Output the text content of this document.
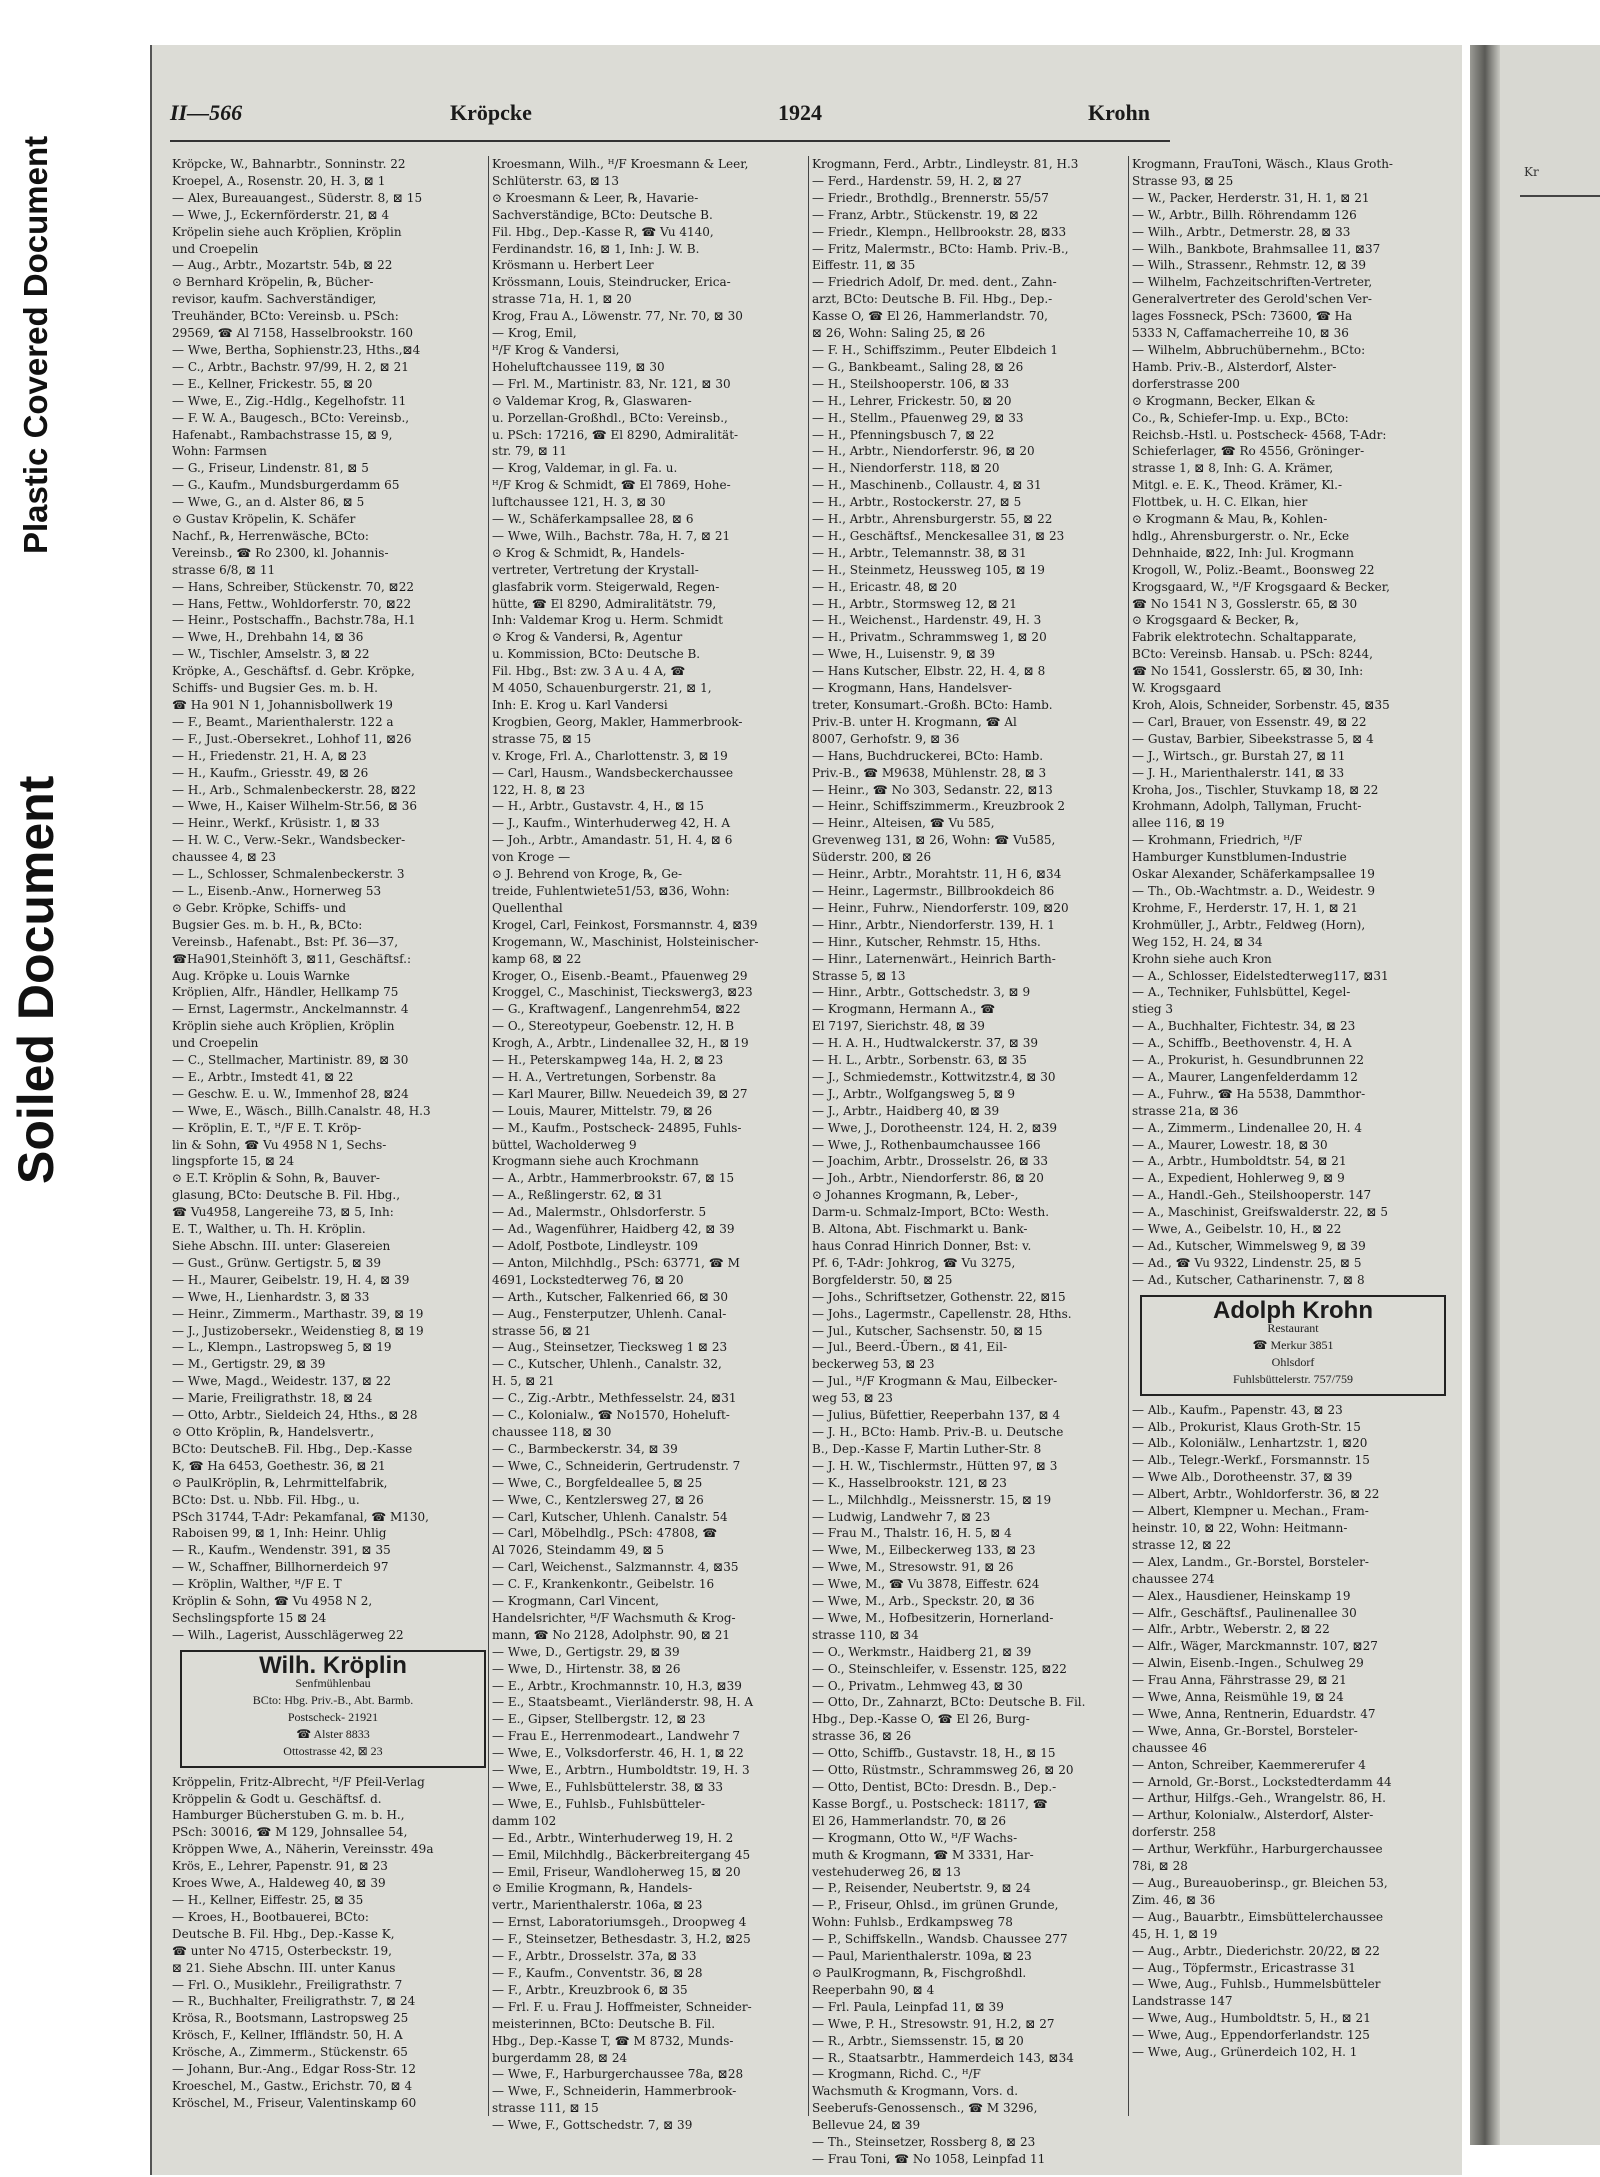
Plastic Covered Document
Soiled Document
Kr
II—566	Kröpcke	1924	Krohn
Kröpcke, W., Bahnarbtr., Sonninstr. 22
Kroepel, A., Rosenstr. 20, H. 3, ⊠ 1
— Alex, Bureauangest., Süderstr. 8, ⊠ 15
— Wwe, J., Eckernförderstr. 21, ⊠ 4
Kröpelin siehe auch Kröplien, Kröplin
und Croepelin
— Aug., Arbtr., Mozartstr. 54b, ⊠ 22
⊙ Bernhard Kröpelin, ℞, Bücher-
revisor, kaufm. Sachverständiger,
Treuhänder, BCto: Vereinsb. u. PSch:
29569, ☎ Al 7158, Hasselbrookstr. 160
— Wwe, Bertha, Sophienstr.23, Hths.,⊠4
— C., Arbtr., Bachstr. 97/99, H. 2, ⊠ 21
— E., Kellner, Frickestr. 55, ⊠ 20
— Wwe, E., Zig.-Hdlg., Kegelhofstr. 11
— F. W. A., Baugesch., BCto: Vereinsb.,
Hafenabt., Rambachstrasse 15, ⊠ 9,
Wohn: Farmsen
— G., Friseur, Lindenstr. 81, ⊠ 5
— G., Kaufm., Mundsburgerdamm 65
— Wwe, G., an d. Alster 86, ⊠ 5
⊙ Gustav Kröpelin, K. Schäfer
Nachf., ℞, Herrenwäsche, BCto:
Vereinsb., ☎ Ro 2300, kl. Johannis-
strasse 6/8, ⊠ 11
— Hans, Schreiber, Stückenstr. 70, ⊠22
— Hans, Fettw., Wohldorferstr. 70, ⊠22
— Heinr., Postschaffn., Bachstr.78a, H.1
— Wwe, H., Drehbahn 14, ⊠ 36
— W., Tischler, Amselstr. 3, ⊠ 22
Kröpke, A., Geschäftsf. d. Gebr. Kröpke,
Schiffs- und Bugsier Ges. m. b. H.
☎ Ha 901 N 1, Johannisbollwerk 19
— F., Beamt., Marienthalerstr. 122 a
— F., Just.-Obersekret., Lohhof 11, ⊠26
— H., Friedenstr. 21, H. A, ⊠ 23
— H., Kaufm., Griesstr. 49, ⊠ 26
— H., Arb., Schmalenbeckerstr. 28, ⊠22
— Wwe, H., Kaiser Wilhelm-Str.56, ⊠ 36
— Heinr., Werkf., Krüsistr. 1, ⊠ 33
— H. W. C., Verw.-Sekr., Wandsbecker-
chaussee 4, ⊠ 23
— L., Schlosser, Schmalenbeckerstr. 3
— L., Eisenb.-Anw., Hornerweg 53
⊙ Gebr. Kröpke, Schiffs- und
Bugsier Ges. m. b. H., ℞, BCto:
Vereinsb., Hafenabt., Bst: Pf. 36—37,
☎Ha901,Steinhöft 3, ⊠11, Geschäftsf.:
Aug. Kröpke u. Louis Warnke
Kröplien, Alfr., Händler, Hellkamp 75
— Ernst, Lagermstr., Anckelmannstr. 4
Kröplin siehe auch Kröplien, Kröplin
und Croepelin
— C., Stellmacher, Martinistr. 89, ⊠ 30
— E., Arbtr., Imstedt 41, ⊠ 22
— Geschw. E. u. W., Immenhof 28, ⊠24
— Wwe, E., Wäsch., Billh.Canalstr. 48, H.3
— Kröplin, E. T., ᴴ/F E. T. Kröp-
lin & Sohn, ☎ Vu 4958 N 1, Sechs-
lingspforte 15, ⊠ 24
⊙ E.T. Kröplin & Sohn, ℞, Bauver-
glasung, BCto: Deutsche B. Fil. Hbg.,
☎ Vu4958, Langereihe 73, ⊠ 5, Inh:
E. T., Walther, u. Th. H. Kröplin.
Siehe Abschn. III. unter: Glasereien
— Gust., Grünw. Gertigstr. 5, ⊠ 39
— H., Maurer, Geibelstr. 19, H. 4, ⊠ 39
— Wwe, H., Lienhardstr. 3, ⊠ 33
— Heinr., Zimmerm., Marthastr. 39, ⊠ 19
— J., Justizobersekr., Weidenstieg 8, ⊠ 19
— L., Klempn., Lastropsweg 5, ⊠ 19
— M., Gertigstr. 29, ⊠ 39
— Wwe, Magd., Weidestr. 137, ⊠ 22
— Marie, Freiligrathstr. 18, ⊠ 24
— Otto, Arbtr., Sieldeich 24, Hths., ⊠ 28
⊙ Otto Kröplin, ℞, Handelsvertr.,
BCto: DeutscheB. Fil. Hbg., Dep.-Kasse
K, ☎ Ha 6453, Goethestr. 36, ⊠ 21
⊙ PaulKröplin, ℞, Lehrmittelfabrik,
BCto: Dst. u. Nbb. Fil. Hbg., u.
PSch 31744, T-Adr: Pekamfanal, ☎ M130,
Raboisen 99, ⊠ 1, Inh: Heinr. Uhlig
— R., Kaufm., Wendenstr. 391, ⊠ 35
— W., Schaffner, Billhornerdeich 97
— Kröplin, Walther, ᴴ/F E. T
Kröplin & Sohn, ☎ Vu 4958 N 2,
Sechslingspforte 15 ⊠ 24
— Wilh., Lagerist, Ausschlägerweg 22
Wilh. Kröplin
Senfmühlenbau
BCto: Hbg. Priv.-B., Abt. Barmb.
Postscheck- 21921
☎ Alster 8833
Ottostrasse 42, ⊠ 23
Kröppelin, Fritz-Albrecht, ᴴ/F Pfeil-Verlag
Kröppelin & Godt u. Geschäftsf. d.
Hamburger Bücherstuben G. m. b. H.,
PSch: 30016, ☎ M 129, Johnsallee 54,
Kröppen Wwe, A., Näherin, Vereinsstr. 49a
Krös, E., Lehrer, Papenstr. 91, ⊠ 23
Kroes Wwe, A., Haldeweg 40, ⊠ 39
— H., Kellner, Eiffestr. 25, ⊠ 35
— Kroes, H., Bootbauerei, BCto:
Deutsche B. Fil. Hbg., Dep.-Kasse K,
☎ unter No 4715, Osterbeckstr. 19,
⊠ 21. Siehe Abschn. III. unter Kanus
— Frl. O., Musiklehr., Freiligrathstr. 7
— R., Buchhalter, Freiligrathstr. 7, ⊠ 24
Krösa, R., Bootsmann, Lastropsweg 25
Krösch, F., Kellner, Iffländstr. 50, H. A
Krösche, A., Zimmerm., Stückenstr. 65
— Johann, Bur.-Ang., Edgar Ross-Str. 12
Kroeschel, M., Gastw., Erichstr. 70, ⊠ 4
Kröschel, M., Friseur, Valentinskamp 60
Kroesmann, Wilh., ᴴ/F Kroesmann & Leer,
Schlüterstr. 63, ⊠ 13
⊙ Kroesmann & Leer, ℞, Havarie-
Sachverständige, BCto: Deutsche B.
Fil. Hbg., Dep.-Kasse R, ☎ Vu 4140,
Ferdinandstr. 16, ⊠ 1, Inh: J. W. B.
Krösmann u. Herbert Leer
Krössmann, Louis, Steindrucker, Erica-
strasse 71a, H. 1, ⊠ 20
Krog, Frau A., Löwenstr. 77, Nr. 70, ⊠ 30
— Krog, Emil,
ᴴ/F Krog & Vandersi,
Hoheluftchaussee 119, ⊠ 30
— Frl. M., Martinistr. 83, Nr. 121, ⊠ 30
⊙ Valdemar Krog, ℞, Glaswaren-
u. Porzellan-Großhdl., BCto: Vereinsb.,
u. PSch: 17216, ☎ El 8290, Admiralität-
str. 79, ⊠ 11
— Krog, Valdemar, in gl. Fa. u.
ᴴ/F Krog & Schmidt, ☎ El 7869, Hohe-
luftchaussee 121, H. 3, ⊠ 30
— W., Schäferkampsallee 28, ⊠ 6
— Wwe, Wilh., Bachstr. 78a, H. 7, ⊠ 21
⊙ Krog & Schmidt, ℞, Handels-
vertreter, Vertretung der Krystall-
glasfabrik vorm. Steigerwald, Regen-
hütte, ☎ El 8290, Admiralitätstr. 79,
Inh: Valdemar Krog u. Herm. Schmidt
⊙ Krog & Vandersi, ℞, Agentur
u. Kommission, BCto: Deutsche B.
Fil. Hbg., Bst: zw. 3 A u. 4 A, ☎
M 4050, Schauenburgerstr. 21, ⊠ 1,
Inh: E. Krog u. Karl Vandersi
Krogbien, Georg, Makler, Hammerbrook-
strasse 75, ⊠ 15
v. Kroge, Frl. A., Charlottenstr. 3, ⊠ 19
— Carl, Hausm., Wandsbeckerchaussee
122, H. 8, ⊠ 23
— H., Arbtr., Gustavstr. 4, H., ⊠ 15
— J., Kaufm., Winterhuderweg 42, H. A
— Joh., Arbtr., Amandastr. 51, H. 4, ⊠ 6
von Kroge —
⊙ J. Behrend von Kroge, ℞, Ge-
treide, Fuhlentwiete51/53, ⊠36, Wohn:
Quellenthal
Krogel, Carl, Feinkost, Forsmannstr. 4, ⊠39
Krogemann, W., Maschinist, Holsteinischer-
kamp 68, ⊠ 22
Kroger, O., Eisenb.-Beamt., Pfauenweg 29
Kroggel, C., Maschinist, Tieckswerg3, ⊠23
— G., Kraftwagenf., Langenrehm54, ⊠22
— O., Stereotypeur, Goebenstr. 12, H. B
Krogh, A., Arbtr., Lindenallee 32, H., ⊠ 19
— H., Peterskampweg 14a, H. 2, ⊠ 23
— H. A., Vertretungen, Sorbenstr. 8a
— Karl Maurer, Billw. Neuedeich 39, ⊠ 27
— Louis, Maurer, Mittelstr. 79, ⊠ 26
— M., Kaufm., Postscheck- 24895, Fuhls-
büttel, Wacholderweg 9
Krogmann siehe auch Krochmann
— A., Arbtr., Hammerbrookstr. 67, ⊠ 15
— A., Reßlingerstr. 62, ⊠ 31
— Ad., Malermstr., Ohlsdorferstr. 5
— Ad., Wagenführer, Haidberg 42, ⊠ 39
— Adolf, Postbote, Lindleystr. 109
— Anton, Milchhdlg., PSch: 63771, ☎ M
4691, Lockstedterweg 76, ⊠ 20
— Arth., Kutscher, Falkenried 66, ⊠ 30
— Aug., Fensterputzer, Uhlenh. Canal-
strasse 56, ⊠ 21
— Aug., Steinsetzer, Tiecksweg 1 ⊠ 23
— C., Kutscher, Uhlenh., Canalstr. 32,
H. 5, ⊠ 21
— C., Zig.-Arbtr., Methfesselstr. 24, ⊠31
— C., Kolonialw., ☎ No1570, Hoheluft-
chaussee 118, ⊠ 30
— C., Barmbeckerstr. 34, ⊠ 39
— Wwe, C., Schneiderin, Gertrudenstr. 7
— Wwe, C., Borgfeldeallee 5, ⊠ 25
— Wwe, C., Kentzlersweg 27, ⊠ 26
— Carl, Kutscher, Uhlenh. Canalstr. 54
— Carl, Möbelhdlg., PSch: 47808, ☎
Al 7026, Steindamm 49, ⊠ 5
— Carl, Weichenst., Salzmannstr. 4, ⊠35
— C. F., Krankenkontr., Geibelstr. 16
— Krogmann, Carl Vincent,
Handelsrichter, ᴴ/F Wachsmuth & Krog-
mann, ☎ No 2128, Adolphstr. 90, ⊠ 21
— Wwe, D., Gertigstr. 29, ⊠ 39
— Wwe, D., Hirtenstr. 38, ⊠ 26
— E., Arbtr., Krochmannstr. 10, H.3, ⊠39
— E., Staatsbeamt., Vierländerstr. 98, H. A
— E., Gipser, Stellbergstr. 12, ⊠ 23
— Frau E., Herrenmodeart., Landwehr 7
— Wwe, E., Volksdorferstr. 46, H. 1, ⊠ 22
— Wwe, E., Arbtrn., Humboldtstr. 19, H. 3
— Wwe, E., Fuhlsbüttelerstr. 38, ⊠ 33
— Wwe, E., Fuhlsb., Fuhlsbütteler-
damm 102
— Ed., Arbtr., Winterhuderweg 19, H. 2
— Emil, Milchhdlg., Bäckerbreitergang 45
— Emil, Friseur, Wandloherweg 15, ⊠ 20
⊙ Emilie Krogmann, ℞, Handels-
vertr., Marienthalerstr. 106a, ⊠ 23
— Ernst, Laboratoriumsgeh., Droopweg 4
— F., Steinsetzer, Bethesdastr. 3, H.2, ⊠25
— F., Arbtr., Drosselstr. 37a, ⊠ 33
— F., Kaufm., Conventstr. 36, ⊠ 28
— F., Arbtr., Kreuzbrook 6, ⊠ 35
— Frl. F. u. Frau J. Hoffmeister, Schneider-
meisterinnen, BCto: Deutsche B. Fil.
Hbg., Dep.-Kasse T, ☎ M 8732, Munds-
burgerdamm 28, ⊠ 24
— Wwe, F., Harburgerchaussee 78a, ⊠28
— Wwe, F., Schneiderin, Hammerbrook-
strasse 111, ⊠ 15
— Wwe, F., Gottschedstr. 7, ⊠ 39
Krogmann, Ferd., Arbtr., Lindleystr. 81, H.3
— Ferd., Hardenstr. 59, H. 2, ⊠ 27
— Friedr., Brothdlg., Brennerstr. 55/57
— Franz, Arbtr., Stückenstr. 19, ⊠ 22
— Friedr., Klempn., Hellbrookstr. 28, ⊠33
— Fritz, Malermstr., BCto: Hamb. Priv.-B.,
Eiffestr. 11, ⊠ 35
— Friedrich Adolf, Dr. med. dent., Zahn-
arzt, BCto: Deutsche B. Fil. Hbg., Dep.-
Kasse O, ☎ El 26, Hammerlandstr. 70,
⊠ 26, Wohn: Saling 25, ⊠ 26
— F. H., Schiffszimm., Peuter Elbdeich 1
— G., Bankbeamt., Saling 28, ⊠ 26
— H., Steilshooperstr. 106, ⊠ 33
— H., Lehrer, Frickestr. 50, ⊠ 20
— H., Stellm., Pfauenweg 29, ⊠ 33
— H., Pfenningsbusch 7, ⊠ 22
— H., Arbtr., Niendorferstr. 96, ⊠ 20
— H., Niendorferstr. 118, ⊠ 20
— H., Maschinenb., Collaustr. 4, ⊠ 31
— H., Arbtr., Rostockerstr. 27, ⊠ 5
— H., Arbtr., Ahrensburgerstr. 55, ⊠ 22
— H., Geschäftsf., Menckesallee 31, ⊠ 23
— H., Arbtr., Telemannstr. 38, ⊠ 31
— H., Steinmetz, Heussweg 105, ⊠ 19
— H., Ericastr. 48, ⊠ 20
— H., Arbtr., Stormsweg 12, ⊠ 21
— H., Weichenst., Hardenstr. 49, H. 3
— H., Privatm., Schrammsweg 1, ⊠ 20
— Wwe, H., Luisenstr. 9, ⊠ 39
— Hans Kutscher, Elbstr. 22, H. 4, ⊠ 8
— Krogmann, Hans, Handelsver-
treter, Konsumart.-Großh. BCto: Hamb.
Priv.-B. unter H. Krogmann, ☎ Al
8007, Gerhofstr. 9, ⊠ 36
— Hans, Buchdruckerei, BCto: Hamb.
Priv.-B., ☎ M9638, Mühlenstr. 28, ⊠ 3
— Heinr., ☎ No 303, Sedanstr. 22, ⊠13
— Heinr., Schiffszimmerm., Kreuzbrook 2
— Heinr., Alteisen, ☎ Vu 585,
Grevenweg 131, ⊠ 26, Wohn: ☎ Vu585,
Süderstr. 200, ⊠ 26
— Heinr., Arbtr., Morahtstr. 11, H 6, ⊠34
— Heinr., Lagermstr., Billbrookdeich 86
— Heinr., Fuhrw., Niendorferstr. 109, ⊠20
— Hinr., Arbtr., Niendorferstr. 139, H. 1
— Hinr., Kutscher, Rehmstr. 15, Hths.
— Hinr., Laternenwärt., Heinrich Barth-
Strasse 5, ⊠ 13
— Hinr., Arbtr., Gottschedstr. 3, ⊠ 9
— Krogmann, Hermann A., ☎
El 7197, Sierichstr. 48, ⊠ 39
— H. A. H., Hudtwalckerstr. 37, ⊠ 39
— H. L., Arbtr., Sorbenstr. 63, ⊠ 35
— J., Schmiedemstr., Kottwitzstr.4, ⊠ 30
— J., Arbtr., Wolfgangsweg 5, ⊠ 9
— J., Arbtr., Haidberg 40, ⊠ 39
— Wwe, J., Dorotheenstr. 124, H. 2, ⊠39
— Wwe, J., Rothenbaumchaussee 166
— Joachim, Arbtr., Drosselstr. 26, ⊠ 33
— Joh., Arbtr., Niendorferstr. 86, ⊠ 20
⊙ Johannes Krogmann, ℞, Leber-,
Darm-u. Schmalz-Import, BCto: Westh.
B. Altona, Abt. Fischmarkt u. Bank-
haus Conrad Hinrich Donner, Bst: v.
Pf. 6, T-Adr: Johkrog, ☎ Vu 3275,
Borgfelderstr. 50, ⊠ 25
— Johs., Schriftsetzer, Gothenstr. 22, ⊠15
— Johs., Lagermstr., Capellenstr. 28, Hths.
— Jul., Kutscher, Sachsenstr. 50, ⊠ 15
— Jul., Beerd.-Übern., ⊠ 41, Eil-
beckerweg 53, ⊠ 23
— Jul., ᴴ/F Krogmann & Mau, Eilbecker-
weg 53, ⊠ 23
— Julius, Büfettier, Reeperbahn 137, ⊠ 4
— J. H., BCto: Hamb. Priv.-B. u. Deutsche
B., Dep.-Kasse F, Martin Luther-Str. 8
— J. H. W., Tischlermstr., Hütten 97, ⊠ 3
— K., Hasselbrookstr. 121, ⊠ 23
— L., Milchhdlg., Meissnerstr. 15, ⊠ 19
— Ludwig, Landwehr 7, ⊠ 23
— Frau M., Thalstr. 16, H. 5, ⊠ 4
— Wwe, M., Eilbeckerweg 133, ⊠ 23
— Wwe, M., Stresowstr. 91, ⊠ 26
— Wwe, M., ☎ Vu 3878, Eiffestr. 624
— Wwe, M., Arb., Speckstr. 20, ⊠ 36
— Wwe, M., Hofbesitzerin, Hornerland-
strasse 110, ⊠ 34
— O., Werkmstr., Haidberg 21, ⊠ 39
— O., Steinschleifer, v. Essenstr. 125, ⊠22
— O., Privatm., Lehmweg 43, ⊠ 30
— Otto, Dr., Zahnarzt, BCto: Deutsche B. Fil.
Hbg., Dep.-Kasse O, ☎ El 26, Burg-
strasse 36, ⊠ 26
— Otto, Schiffb., Gustavstr. 18, H., ⊠ 15
— Otto, Rüstmstr., Schrammsweg 26, ⊠ 20
— Otto, Dentist, BCto: Dresdn. B., Dep.-
Kasse Borgf., u. Postscheck: 18117, ☎
El 26, Hammerlandstr. 70, ⊠ 26
— Krogmann, Otto W., ᴴ/F Wachs-
muth & Krogmann, ☎ M 3331, Har-
vestehuderweg 26, ⊠ 13
— P., Reisender, Neubertstr. 9, ⊠ 24
— P., Friseur, Ohlsd., im grünen Grunde,
Wohn: Fuhlsb., Erdkampsweg 78
— P., Schiffskelln., Wandsb. Chaussee 277
— Paul, Marienthalerstr. 109a, ⊠ 23
⊙ PaulKrogmann, ℞, Fischgroßhdl.
Reeperbahn 90, ⊠ 4
— Frl. Paula, Leinpfad 11, ⊠ 39
— Wwe, P. H., Stresowstr. 91, H.2, ⊠ 27
— R., Arbtr., Siemssenstr. 15, ⊠ 20
— R., Staatsarbtr., Hammerdeich 143, ⊠34
— Krogmann, Richd. C., ᴴ/F
Wachsmuth & Krogmann, Vors. d.
Seeberufs-Genossensch., ☎ M 3296,
Bellevue 24, ⊠ 39
— Th., Steinsetzer, Rossberg 8, ⊠ 23
— Frau Toni, ☎ No 1058, Leinpfad 11
Krogmann, FrauToni, Wäsch., Klaus Groth-
Strasse 93, ⊠ 25
— W., Packer, Herderstr. 31, H. 1, ⊠ 21
— W., Arbtr., Billh. Röhrendamm 126
— Wilh., Arbtr., Detmerstr. 28, ⊠ 33
— Wilh., Bankbote, Brahmsallee 11, ⊠37
— Wilh., Strassenr., Rehmstr. 12, ⊠ 39
— Wilhelm, Fachzeitschriften-Vertreter,
Generalvertreter des Gerold'schen Ver-
lages Fossneck, PSch: 73600, ☎ Ha
5333 N, Caffamacherreihe 10, ⊠ 36
— Wilhelm, Abbruchübernehm., BCto:
Hamb. Priv.-B., Alsterdorf, Alster-
dorferstrasse 200
⊙ Krogmann, Becker, Elkan &
Co., ℞, Schiefer-Imp. u. Exp., BCto:
Reichsb.-Hstl. u. Postscheck- 4568, T-Adr:
Schieferlager, ☎ Ro 4556, Gröninger-
strasse 1, ⊠ 8, Inh: G. A. Krämer,
Mitgl. e. E. K., Theod. Krämer, Kl.-
Flottbek, u. H. C. Elkan, hier
⊙ Krogmann & Mau, ℞, Kohlen-
hdlg., Ahrensburgerstr. o. Nr., Ecke
Dehnhaide, ⊠22, Inh: Jul. Krogmann
Krogoll, W., Poliz.-Beamt., Boonsweg 22
Krogsgaard, W., ᴴ/F Krogsgaard & Becker,
☎ No 1541 N 3, Gosslerstr. 65, ⊠ 30
⊙ Krogsgaard & Becker, ℞,
Fabrik elektrotechn. Schaltapparate,
BCto: Vereinsb. Hansab. u. PSch: 8244,
☎ No 1541, Gosslerstr. 65, ⊠ 30, Inh:
W. Krogsgaard
Kroh, Alois, Schneider, Sorbenstr. 45, ⊠35
— Carl, Brauer, von Essenstr. 49, ⊠ 22
— Gustav, Barbier, Sibeekstrasse 5, ⊠ 4
— J., Wirtsch., gr. Burstah 27, ⊠ 11
— J. H., Marienthalerstr. 141, ⊠ 33
Kroha, Jos., Tischler, Stuvkamp 18, ⊠ 22
Krohmann, Adolph, Tallyman, Frucht-
allee 116, ⊠ 19
— Krohmann, Friedrich, ᴴ/F
Hamburger Kunstblumen-Industrie
Oskar Alexander, Schäferkampsallee 19
— Th., Ob.-Wachtmstr. a. D., Weidestr. 9
Krohme, F., Herderstr. 17, H. 1, ⊠ 21
Krohmüller, J., Arbtr., Feldweg (Horn),
Weg 152, H. 24, ⊠ 34
Krohn siehe auch Kron
— A., Schlosser, Eidelstedterweg117, ⊠31
— A., Techniker, Fuhlsbüttel, Kegel-
stieg 3
— A., Buchhalter, Fichtestr. 34, ⊠ 23
— A., Schiffb., Beethovenstr. 4, H. A
— A., Prokurist, h. Gesundbrunnen 22
— A., Maurer, Langenfelderdamm 12
— A., Fuhrw., ☎ Ha 5538, Dammthor-
strasse 21a, ⊠ 36
— A., Zimmerm., Lindenallee 20, H. 4
— A., Maurer, Lowestr. 18, ⊠ 30
— A., Arbtr., Humboldtstr. 54, ⊠ 21
— A., Expedient, Hohlerweg 9, ⊠ 9
— A., Handl.-Geh., Steilshooperstr. 147
— A., Maschinist, Greifswalderstr. 22, ⊠ 5
— Wwe, A., Geibelstr. 10, H., ⊠ 22
— Ad., Kutscher, Wimmelsweg 9, ⊠ 39
— Ad., ☎ Vu 9322, Lindenstr. 25, ⊠ 5
— Ad., Kutscher, Catharinenstr. 7, ⊠ 8
Adolph Krohn
Restaurant
☎ Merkur 3851
Ohlsdorf
Fuhlsbüttelerstr. 757/759
— Alb., Kaufm., Papenstr. 43, ⊠ 23
— Alb., Prokurist, Klaus Groth-Str. 15
— Alb., Koloniälw., Lenhartzstr. 1, ⊠20
— Alb., Telegr.-Werkf., Forsmannstr. 15
— Wwe Alb., Dorotheenstr. 37, ⊠ 39
— Albert, Arbtr., Wohldorferstr. 36, ⊠ 22
— Albert, Klempner u. Mechan., Fram-
heinstr. 10, ⊠ 22, Wohn: Heitmann-
strasse 12, ⊠ 22
— Alex, Landm., Gr.-Borstel, Borsteler-
chaussee 274
— Alex., Hausdiener, Heinskamp 19
— Alfr., Geschäftsf., Paulinenallee 30
— Alfr., Arbtr., Weberstr. 2, ⊠ 22
— Alfr., Wäger, Marckmannstr. 107, ⊠27
— Alwin, Eisenb.-Ingen., Schulweg 29
— Frau Anna, Fährstrasse 29, ⊠ 21
— Wwe, Anna, Reismühle 19, ⊠ 24
— Wwe, Anna, Rentnerin, Eduardstr. 47
— Wwe, Anna, Gr.-Borstel, Borsteler-
chaussee 46
— Anton, Schreiber, Kaemmererufer 4
— Arnold, Gr.-Borst., Lockstedterdamm 44
— Arthur, Hilfgs.-Geh., Wrangelstr. 86, H.
— Arthur, Kolonialw., Alsterdorf, Alster-
dorferstr. 258
— Arthur, Werkführ., Harburgerchaussee
78i, ⊠ 28
— Aug., Bureauoberinsp., gr. Bleichen 53,
Zim. 46, ⊠ 36
— Aug., Bauarbtr., Eimsbüttelerchaussee
45, H. 1, ⊠ 19
— Aug., Arbtr., Diederichstr. 20/22, ⊠ 22
— Aug., Töpfermstr., Ericastrasse 31
— Wwe, Aug., Fuhlsb., Hummelsbütteler
Landstrasse 147
— Wwe, Aug., Humboldtstr. 5, H., ⊠ 21
— Wwe, Aug., Eppendorferlandstr. 125
— Wwe, Aug., Grünerdeich 102, H. 1
